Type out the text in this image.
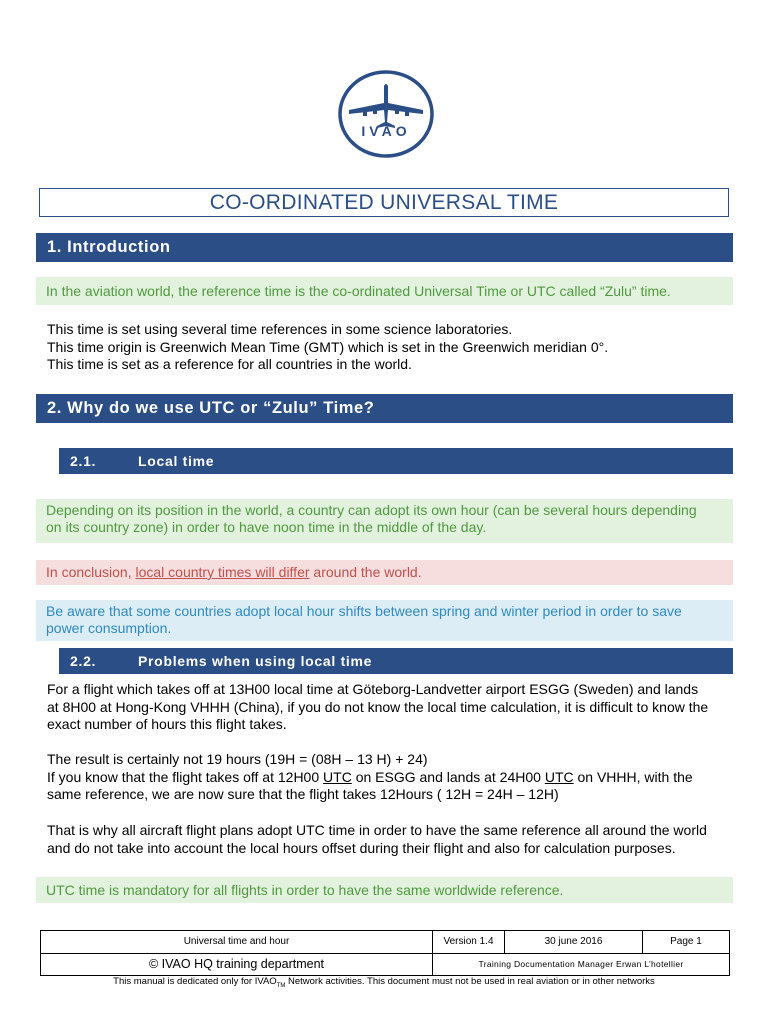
IVAO
CO-ORDINATED UNIVERSAL TIME
1. Introduction
In the aviation world, the reference time is the co-ordinated Universal Time or UTC called “Zulu” time.
This time is set using several time references in some science laboratories.
This time origin is Greenwich Mean Time (GMT) which is set in the Greenwich meridian 0°.
This time is set as a reference for all countries in the world.
2. Why do we use UTC or “Zulu” Time?
2.1.	Local time
Depending on its position in the world, a country can adopt its own hour (can be several hours depending
on its country zone) in order to have noon time in the middle of the day.
In conclusion, local country times will differ around the world.
Be aware that some countries adopt local hour shifts between spring and winter period in order to save
power consumption.
2.2.	Problems when using local time
For a flight which takes off at 13H00 local time at Göteborg-Landvetter airport ESGG (Sweden) and lands
at 8H00 at Hong-Kong VHHH (China), if you do not know the local time calculation, it is difficult to know the
exact number of hours this flight takes.
The result is certainly not 19 hours (19H = (08H – 13 H) + 24)
If you know that the flight takes off at 12H00 UTC on ESGG and lands at 24H00 UTC on VHHH, with the
same reference, we are now sure that the flight takes 12Hours ( 12H = 24H – 12H)
That is why all aircraft flight plans adopt UTC time in order to have the same reference all around the world
and do not take into account the local hours offset during their flight and also for calculation purposes.
UTC time is mandatory for all flights in order to have the same worldwide reference.
Universal time and hour	Version 1.4	30 june 2016	Page 1
© IVAO HQ training department	Training Documentation Manager Erwan L’hotellier		
This manual is dedicated only for $IVAO_{TM}$ Network activities. This document must not be used in real aviation or in other networks
